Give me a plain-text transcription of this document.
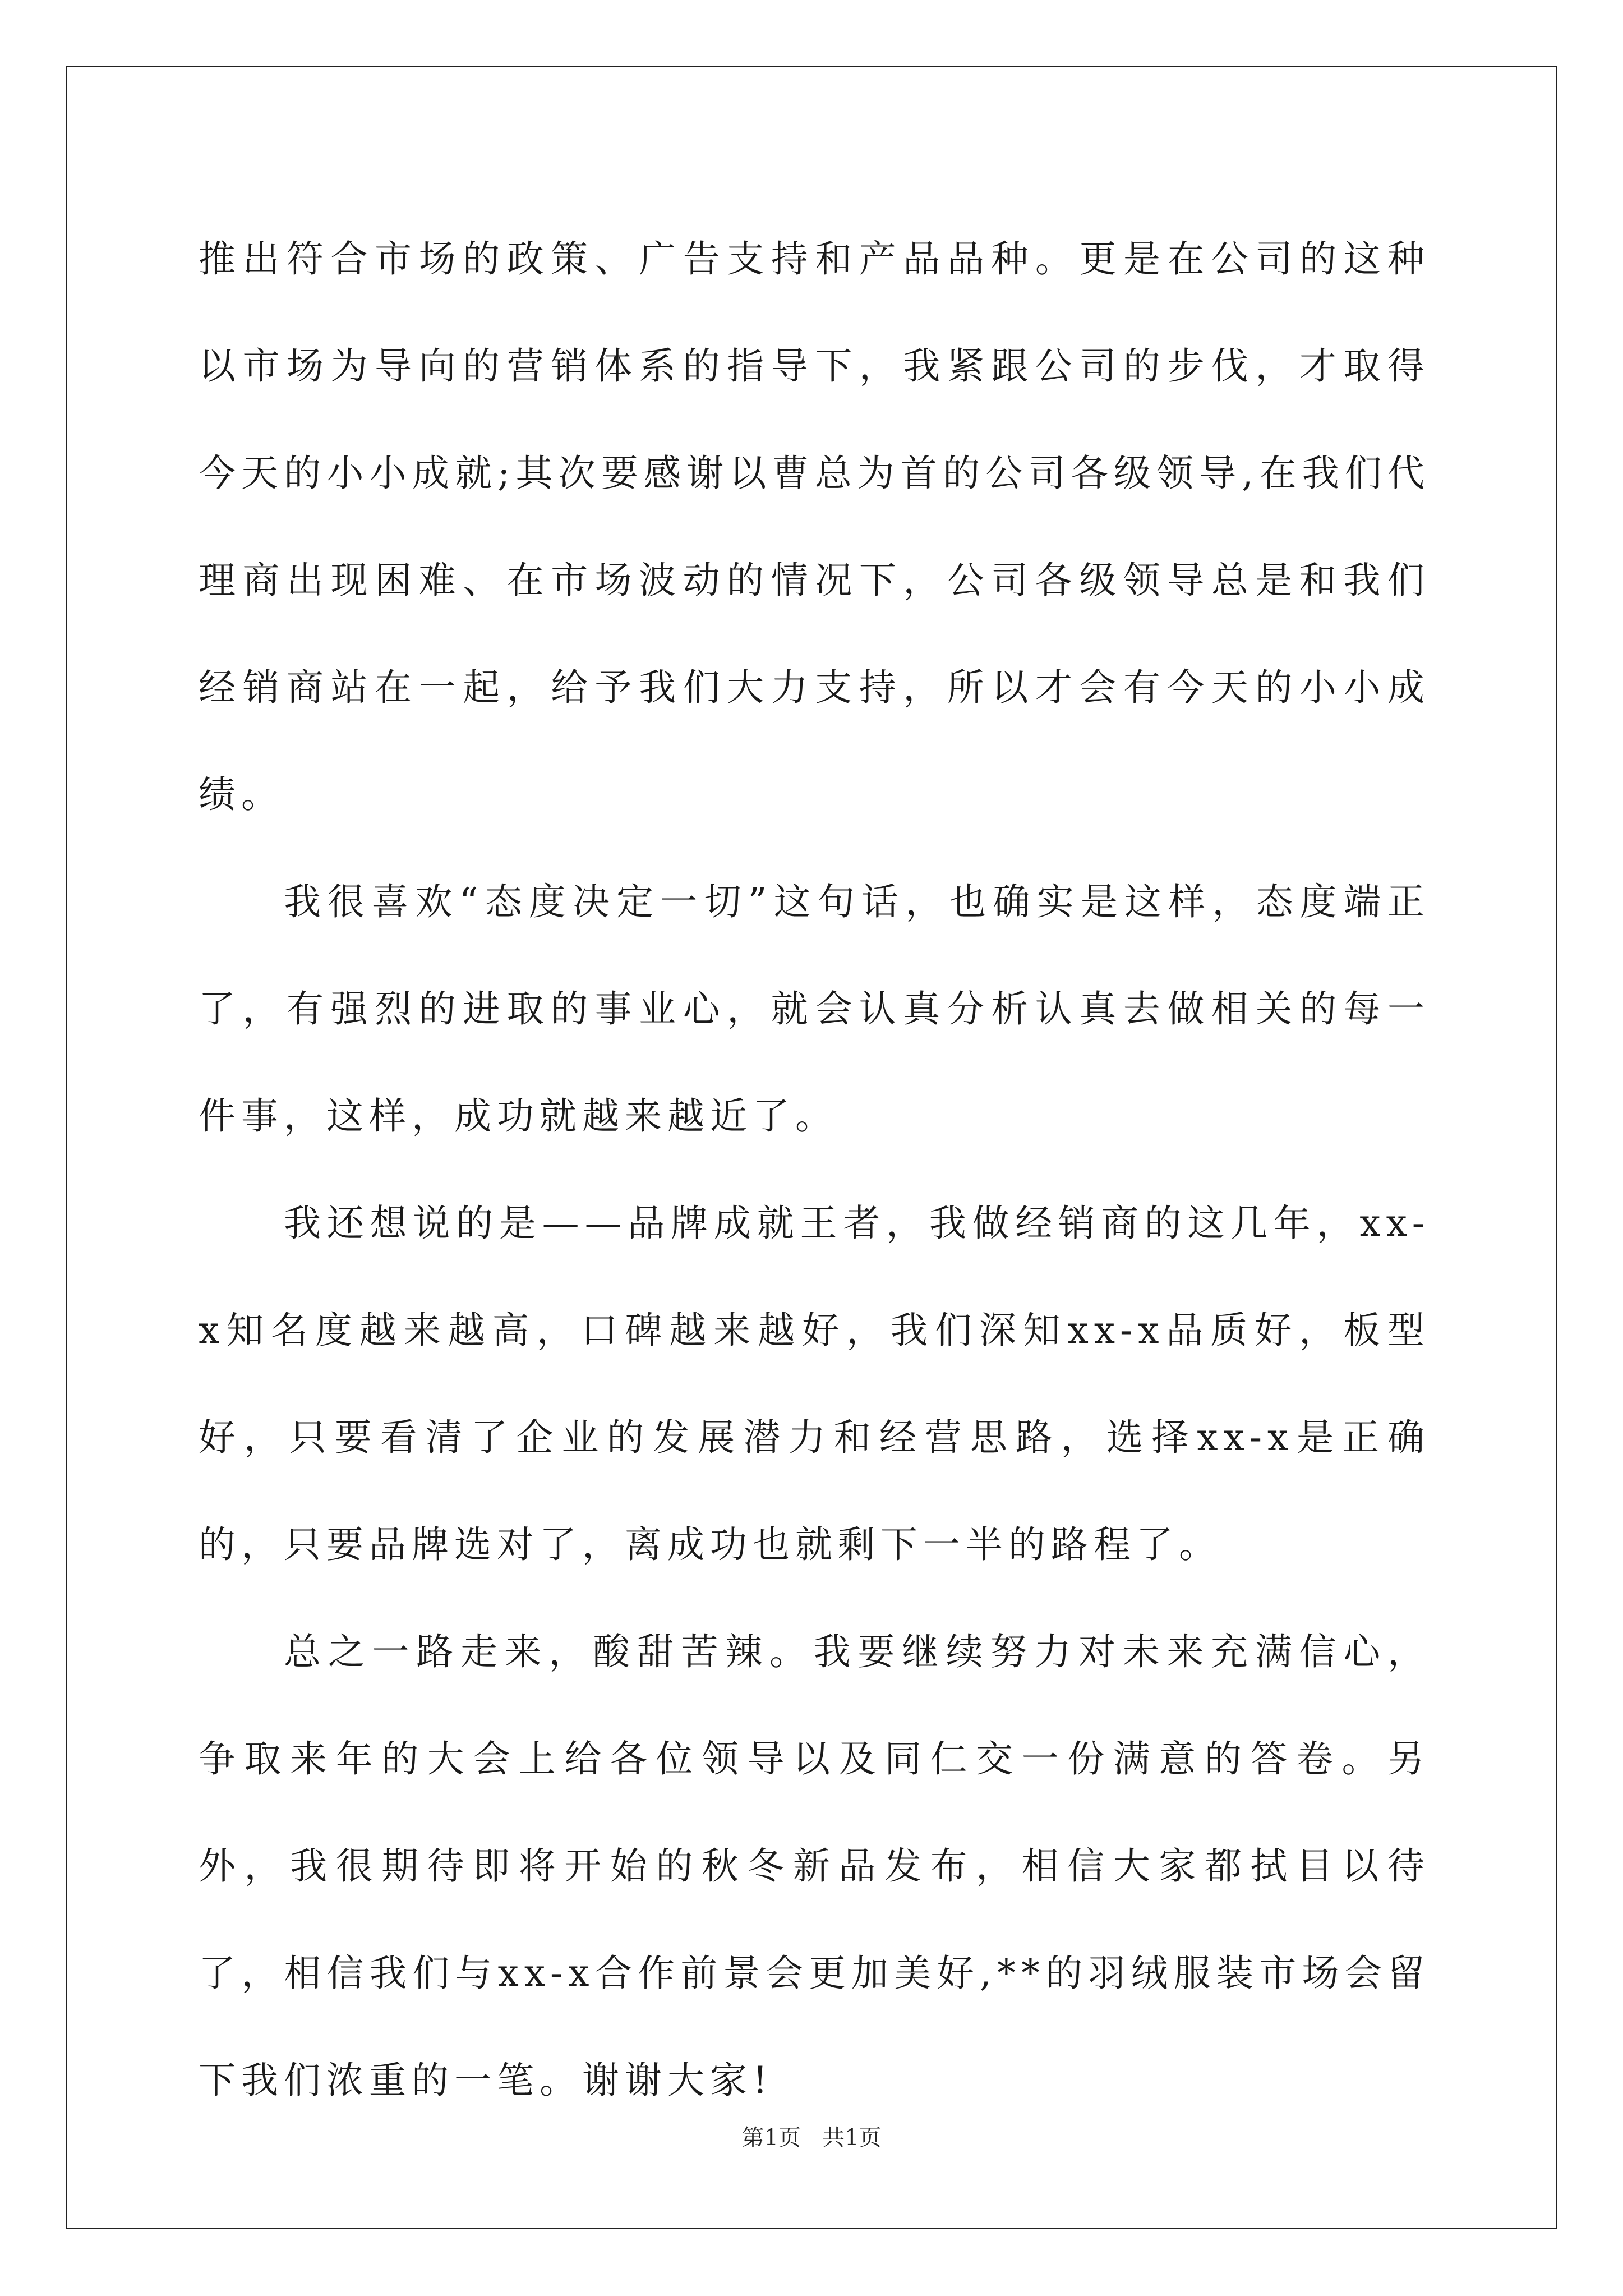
推出符合市场的政策、广告支持和产品品种。更是在公司的这种以市场为导向的营销体系的指导下，我紧跟公司的步伐，才取得今天的小小成就;其次要感谢以曹总为首的公司各级领导,在我们代理商出现困难、在市场波动的情况下，公司各级领导总是和我们经销商站在一起，给予我们大力支持，所以才会有今天的小小成绩。

我很喜欢“态度决定一切”这句话，也确实是这样，态度端正了，有强烈的进取的事业心，就会认真分析认真去做相关的每一件事，这样，成功就越来越近了。

我还想说的是——品牌成就王者，我做经销商的这几年，xx-x知名度越来越高，口碑越来越好，我们深知xx-x品质好，板型好，只要看清了企业的发展潜力和经营思路，选择xx-x是正确的，只要品牌选对了，离成功也就剩下一半的路程了。

总之一路走来，酸甜苦辣。我要继续努力对未来充满信心，争取来年的大会上给各位领导以及同仁交一份满意的答卷。另外，我很期待即将开始的秋冬新品发布，相信大家都拭目以待了，相信我们与xx-x合作前景会更加美好,**的羽绒服装市场会留下我们浓重的一笔。谢谢大家!

第1页 共1页
